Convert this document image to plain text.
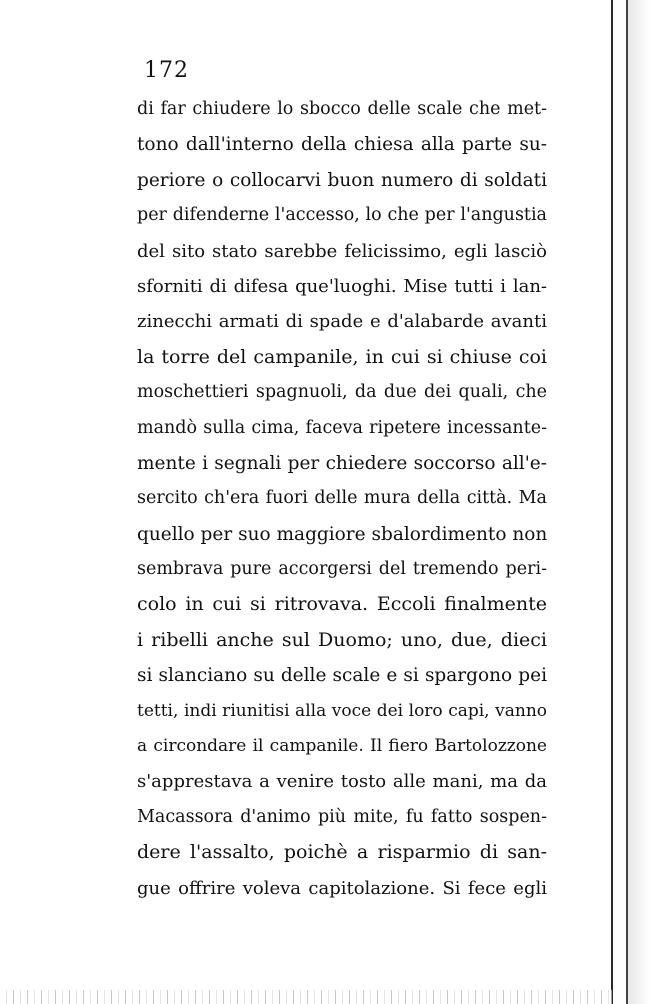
172
di far chiudere lo sbocco delle scale che met-
tono dall'interno della chiesa alla parte su-
periore o collocarvi buon numero di soldati
per difenderne l'accesso, lo che per l'angustia
del sito stato sarebbe felicissimo, egli lasciò
sforniti di difesa que'luoghi. Mise tutti i lan-
zinecchi armati di spade e d'alabarde avanti
la torre del campanile, in cui si chiuse coi
moschettieri spagnuoli, da due dei quali, che
mandò sulla cima, faceva ripetere incessante-
mente i segnali per chiedere soccorso all'e-
sercito ch'era fuori delle mura della città. Ma
quello per suo maggiore sbalordimento non
sembrava pure accorgersi del tremendo peri-
colo in cui si ritrovava. Eccoli finalmente
i ribelli anche sul Duomo; uno, due, dieci
si slanciano su delle scale e si spargono pei
tetti, indi riunitisi alla voce dei loro capi, vanno
a circondare il campanile. Il fiero Bartolozzone
s'apprestava a venire tosto alle mani, ma da
Macassora d'animo più mite, fu fatto sospen-
dere l'assalto, poichè a risparmio di san-
gue offrire voleva capitolazione. Si fece egli
